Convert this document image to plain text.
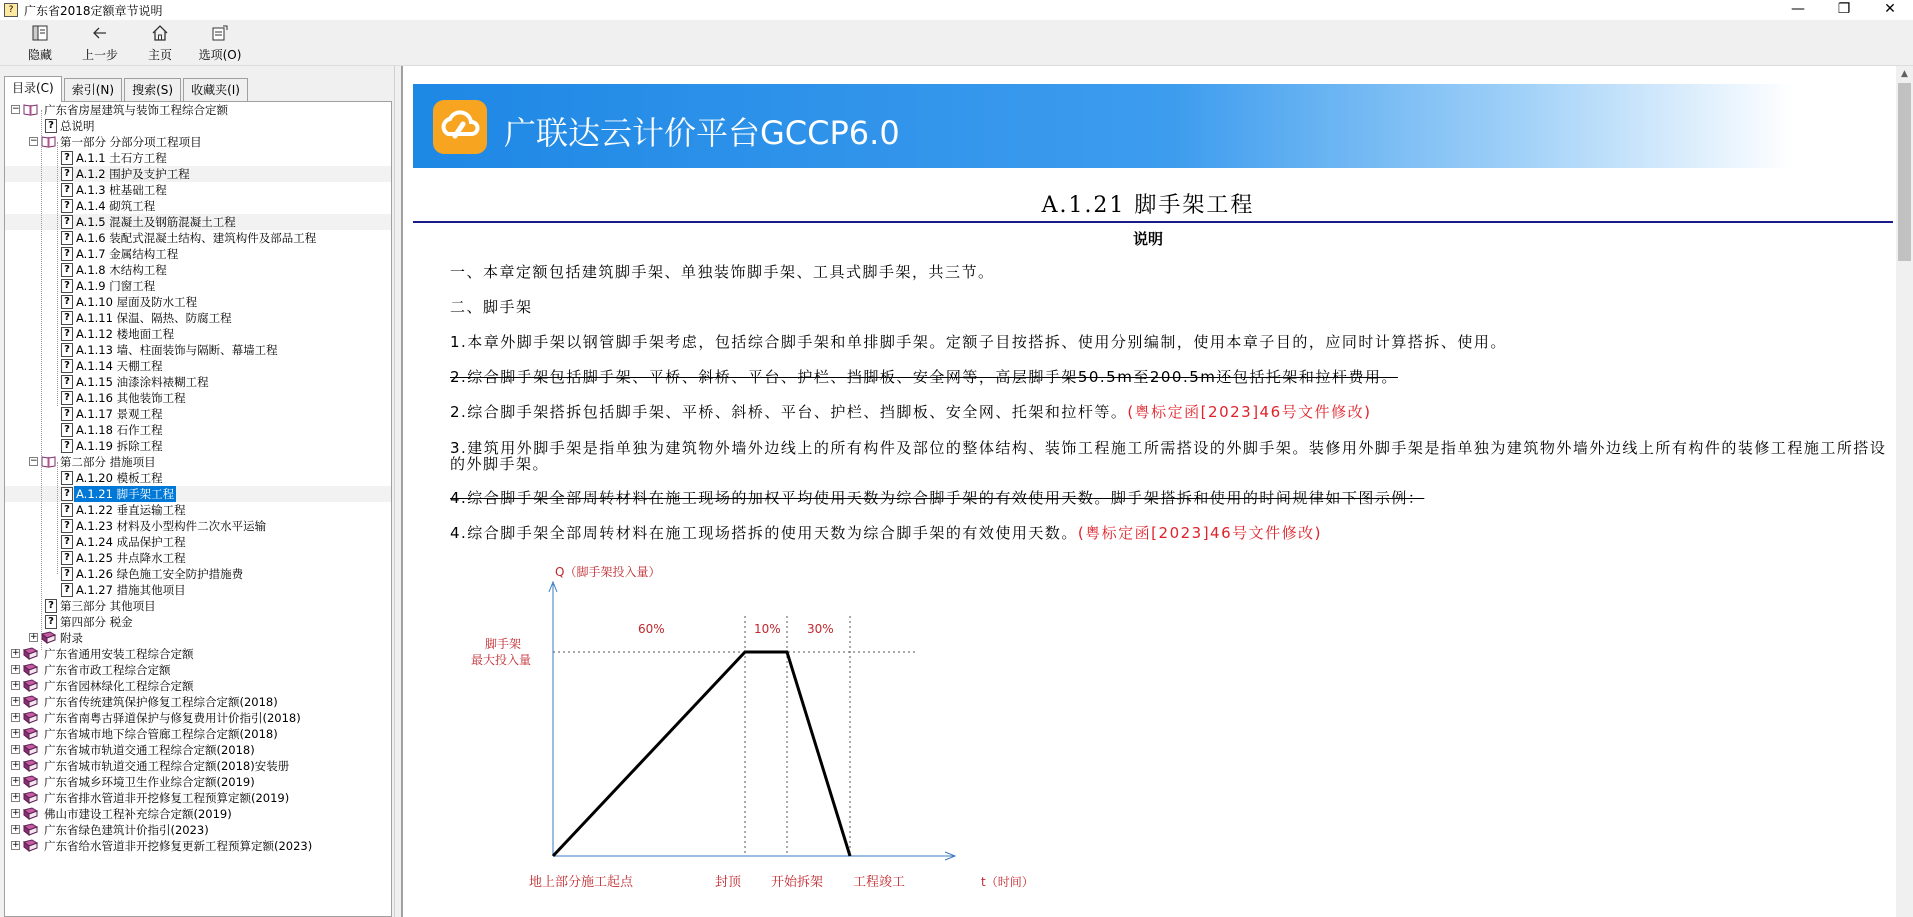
? 广东省2018定额章节说明	—	❐	✕
隐藏 上一步 主页 选项(O)
目录(C)	索引(N)	搜索(S)	收藏夹(I)
− 广东省房屋建筑与装饰工程综合定额
? 总说明
− 第一部分 分部分项工程项目
? A.1.1 土石方工程
? A.1.2 围护及支护工程
? A.1.3 桩基础工程
? A.1.4 砌筑工程
? A.1.5 混凝土及钢筋混凝土工程
? A.1.6 装配式混凝土结构、建筑构件及部品工程
? A.1.7 金属结构工程
? A.1.8 木结构工程
? A.1.9 门窗工程
? A.1.10 屋面及防水工程
? A.1.11 保温、隔热、防腐工程
? A.1.12 楼地面工程
? A.1.13 墙、柱面装饰与隔断、幕墙工程
? A.1.14 天棚工程
? A.1.15 油漆涂料裱糊工程
? A.1.16 其他装饰工程
? A.1.17 景观工程
? A.1.18 石作工程
? A.1.19 拆除工程
− 第二部分 措施项目
? A.1.20 模板工程
? A.1.21 脚手架工程
? A.1.22 垂直运输工程
? A.1.23 材料及小型构件二次水平运输
? A.1.24 成品保护工程
? A.1.25 井点降水工程
? A.1.26 绿色施工安全防护措施费
? A.1.27 措施其他项目
? 第三部分 其他项目
? 第四部分 税金
+ 附录
+ 广东省通用安装工程综合定额
+ 广东省市政工程综合定额
+ 广东省园林绿化工程综合定额
+ 广东省传统建筑保护修复工程综合定额(2018)
+ 广东省南粤古驿道保护与修复费用计价指引(2018)
+ 广东省城市地下综合管廊工程综合定额(2018)
+ 广东省城市轨道交通工程综合定额(2018)
+ 广东省城市轨道交通工程综合定额(2018)安装册
+ 广东省城乡环境卫生作业综合定额(2019)
+ 广东省排水管道非开挖修复工程预算定额(2019)
+ 佛山市建设工程补充综合定额(2019)
+ 广东省绿色建筑计价指引(2023)
+ 广东省给水管道非开挖修复更新工程预算定额(2023)
广联达云计价平台GCCP6.0
A.1.21 脚手架工程
说明
一、本章定额包括建筑脚手架、单独装饰脚手架、工具式脚手架，共三节。
二、脚手架
1.本章外脚手架以钢管脚手架考虑，包括综合脚手架和单排脚手架。定额子目按搭拆、使用分别编制，使用本章子目的，应同时计算搭拆、使用。
2.综合脚手架包括脚手架、平桥、斜桥、平台、护栏、挡脚板、安全网等，高层脚手架50.5m至200.5m还包括托架和拉杆费用。
2.综合脚手架搭拆包括脚手架、平桥、斜桥、平台、护栏、挡脚板、安全网、托架和拉杆等。(粤标定函[2023]46号文件修改)
3.建筑用外脚手架是指单独为建筑物外墙外边线上的所有构件及部位的整体结构、装饰工程施工所需搭设的外脚手架。装修用外脚手架是指单独为建筑物外墙外边线上所有构件的装修工程施工所搭设的外脚手架。
4.综合脚手架全部周转材料在施工现场的加权平均使用天数为综合脚手架的有效使用天数。脚手架搭拆和使用的时间规律如下图示例：
4.综合脚手架全部周转材料在施工现场搭拆的使用天数为综合脚手架的有效使用天数。(粤标定函[2023]46号文件修改)
Q（脚手架投入量）
t（时间）
脚手架
最大投入量
60%	10% 30%
地上部分施工起点	封顶 开始拆架 工程竣工
▲
